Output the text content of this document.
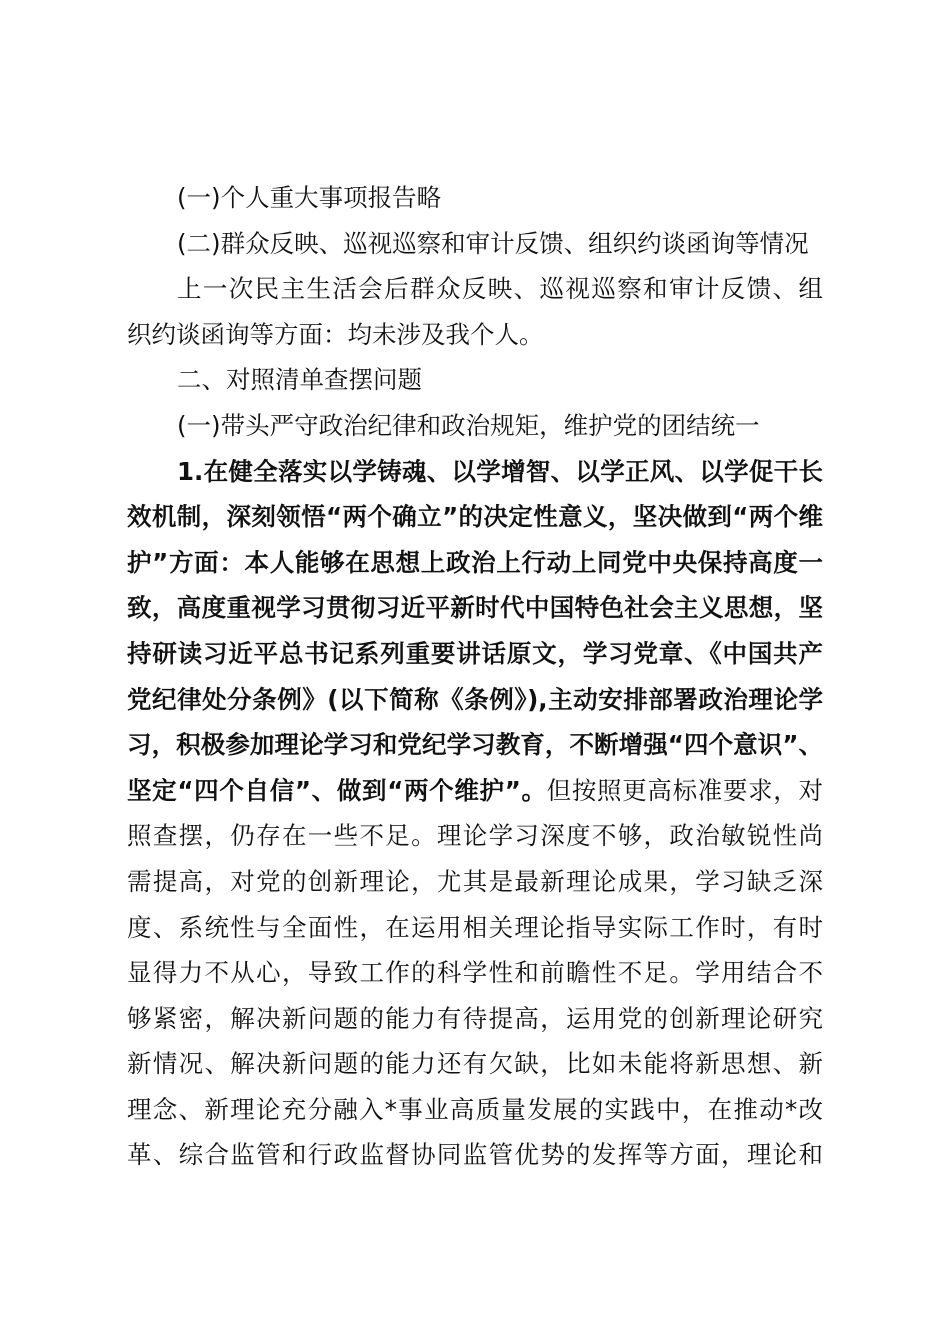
(一)个人重大事项报告略
(二)群众反映、巡视巡察和审计反馈、组织约谈函询等情况
上一次民主生活会后群众反映、巡视巡察和审计反馈、组
织约谈函询等方面：均未涉及我个人。
二、对照清单查摆问题
(一)带头严守政治纪律和政治规矩，维护党的团结统一
1.在健全落实以学铸魂、以学增智、以学正风、以学促干长
效机制，深刻领悟“两个确立”的决定性意义，坚决做到“两个维
护”方面：本人能够在思想上政治上行动上同党中央保持高度一
致，高度重视学习贯彻习近平新时代中国特色社会主义思想，坚
持研读习近平总书记系列重要讲话原文，学习党章、《中国共产
党纪律处分条例》(以下简称《条例》),主动安排部署政治理论学
习，积极参加理论学习和党纪学习教育，不断增强“四个意识”、
坚定“四个自信”、做到“两个维护”。但按照更高标准要求，对
照查摆，仍存在一些不足。理论学习深度不够，政治敏锐性尚
需提高，对党的创新理论，尤其是最新理论成果，学习缺乏深
度、系统性与全面性，在运用相关理论指导实际工作时，有时
显得力不从心，导致工作的科学性和前瞻性不足。学用结合不
够紧密，解决新问题的能力有待提高，运用党的创新理论研究
新情况、解决新问题的能力还有欠缺，比如未能将新思想、新
理念、新理论充分融入*事业高质量发展的实践中，在推动*改
革、综合监管和行政监督协同监管优势的发挥等方面，理论和
